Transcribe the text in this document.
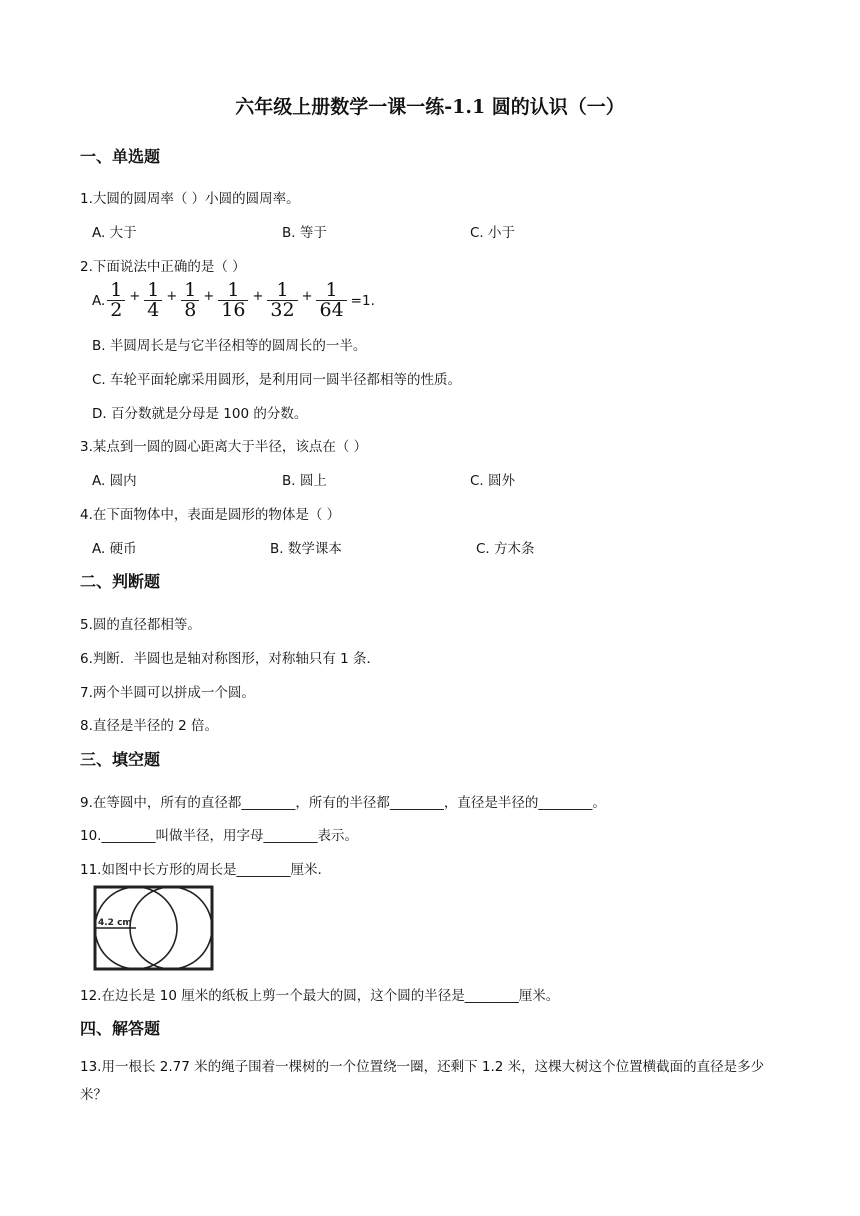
六年级上册数学一课一练-1.1 圆的认识（一）
一、单选题
1.大圆的圆周率（ ）小圆的圆周率。
A. 大于	B. 等于	C. 小于
2.下面说法中正确的是（ ）
A. $\frac{1}{2} + \frac{1}{4} + \frac{1}{8} + \frac{1}{16} + \frac{1}{32} + \frac{1}{64} =1$.
B. 半圆周长是与它半径相等的圆周长的一半。
C. 车轮平面轮廓采用圆形，是利用同一圆半径都相等的性质。
D. 百分数就是分母是 100 的分数。
3.某点到一圆的圆心距离大于半径，该点在（ ）
A. 圆内	B. 圆上	C. 圆外
4.在下面物体中，表面是圆形的物体是（ ）
A. 硬币	B. 数学课本	C. 方木条
二、判断题
5.圆的直径都相等。
6.判断．半圆也是轴对称图形，对称轴只有 1 条．
7.两个半圆可以拼成一个圆。
8.直径是半径的 2 倍。
三、填空题
9.在等圆中，所有的直径都________，所有的半径都________，直径是半径的________。
10.________叫做半径，用字母________表示。
11.如图中长方形的周长是________厘米.
4.2 cm
12.在边长是 10 厘米的纸板上剪一个最大的圆，这个圆的半径是________厘米。
四、解答题
13.用一根长 2.77 米的绳子围着一棵树的一个位置绕一圈，还剩下 1.2 米，这棵大树这个位置横截面的直径是多少米？
